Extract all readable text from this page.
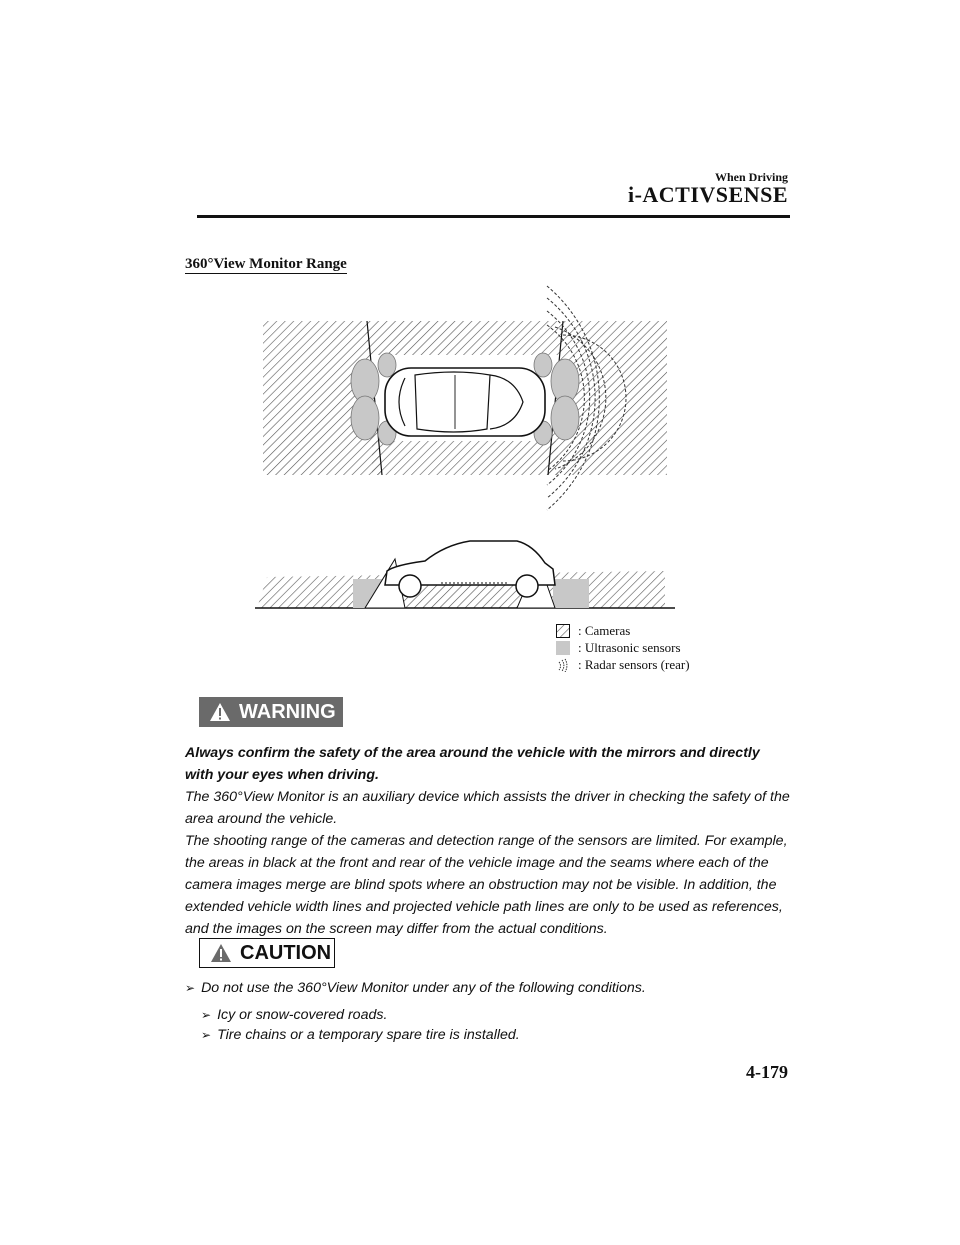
When Driving
i-ACTIVSENSE
360°View Monitor Range
: Cameras
: Ultrasonic sensors
: Radar sensors (rear)
WARNING

Always confirm the safety of the area around the vehicle with the mirrors and directly with your eyes when driving.

The 360°View Monitor is an auxiliary device which assists the driver in checking the safety of the area around the vehicle.

The shooting range of the cameras and detection range of the sensors are limited. For example, the areas in black at the front and rear of the vehicle image and the seams where each of the camera images merge are blind spots where an obstruction may not be visible. In addition, the extended vehicle width lines and projected vehicle path lines are only to be used as references, and the images on the screen may differ from the actual conditions.

CAUTION
➢ Do not use the 360°View Monitor under any of the following conditions.
➢ Icy or snow-covered roads.
➢ Tire chains or a temporary spare tire is installed.
4-179
